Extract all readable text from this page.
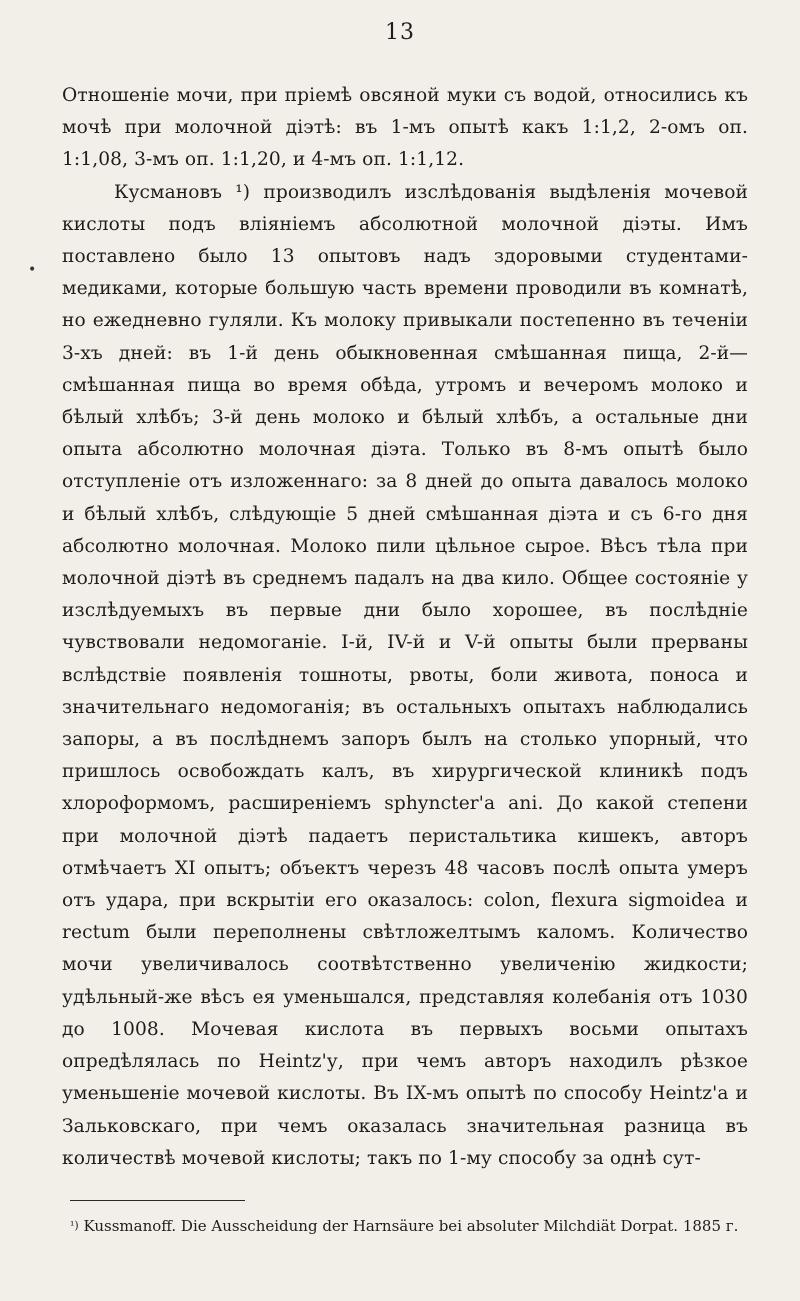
13
•

Отношеніе мочи, при пріемѣ овсяной муки съ водой, относились къ мочѣ при молочной діэтѣ: въ 1-мъ опытѣ какъ 1:1,2, 2-омъ оп. 1:1,08, 3-мъ оп. 1:1,20, и 4-мъ оп. 1:1,12.

Кусмановъ ¹) производилъ изслѣдованія выдѣленія мочевой кислоты подъ вліяніемъ абсолютной молочной діэты. Имъ поставлено было 13 опытовъ надъ здоровыми студентами-медиками, которые большую часть времени проводили въ комнатѣ, но ежедневно гуляли. Къ молоку привыкали постепенно въ теченіи 3-хъ дней: въ 1-й день обыкновенная смѣшанная пища, 2-й—смѣшанная пища во время обѣда, утромъ и вечеромъ молоко и бѣлый хлѣбъ; 3-й день молоко и бѣлый хлѣбъ, а остальные дни опыта абсолютно молочная діэта. Только въ 8-мъ опытѣ было отступленіе отъ изложеннаго: за 8 дней до опыта давалось молоко и бѣлый хлѣбъ, слѣдующіе 5 дней смѣшанная діэта и съ 6-го дня абсолютно молочная. Молоко пили цѣльное сырое. Вѣсъ тѣла при молочной діэтѣ въ среднемъ падалъ на два кило. Общее состояніе у изслѣдуемыхъ въ первые дни было хорошее, въ послѣдніе чувствовали недомоганіе. І-й, IV-й и V-й опыты были прерваны вслѣдствіе появленія тошноты, рвоты, боли живота, поноса и значительнаго недомоганія; въ остальныхъ опытахъ наблюдались запоры, а въ послѣднемъ запоръ былъ на столько упорный, что пришлось освобождать калъ, въ хирургической клиникѣ подъ хлороформомъ, расширеніемъ sphyncter'a ani. До какой степени при молочной діэтѣ падаетъ перистальтика кишекъ, авторъ отмѣчаетъ XI опытъ; объектъ черезъ 48 часовъ послѣ опыта умеръ отъ удара, при вскрытіи его оказалось: colon, flexura sigmoidea и rectum были переполнены свѣтложелтымъ каломъ. Количество мочи увеличивалось соотвѣтственно увеличенію жидкости; удѣльный-же вѣсъ ея уменьшался, представляя колебанія отъ 1030 до 1008. Мочевая кислота въ первыхъ восьми опытахъ опредѣлялась по Heintz'у, при чемъ авторъ находилъ рѣзкое уменьшеніе мочевой кислоты. Въ IX-мъ опытѣ по способу Heintz'a и Зальковскаго, при чемъ оказалась значительная разница въ количествѣ мочевой кислоты; такъ по 1-му способу за однѣ сут-

$^{^1)}$ Kussmanoff. Die Ausscheidung der Harnsäure bei absoluter Milchdiät Dorpat. 1885 г.
